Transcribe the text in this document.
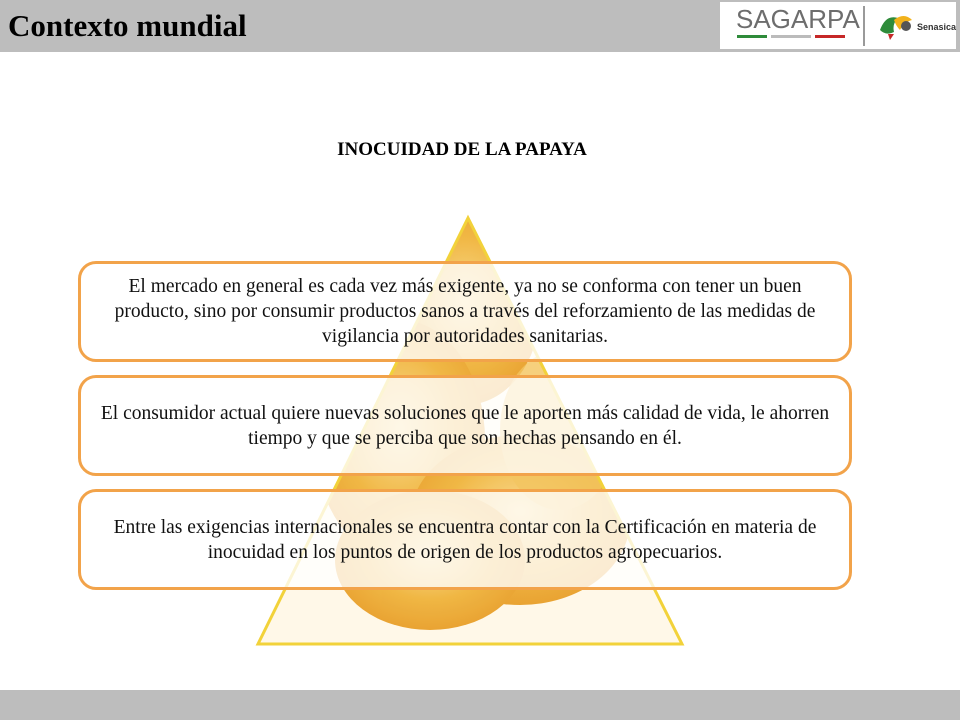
Contexto mundial	SAGARPA	Senasica
INOCUIDAD DE LA PAPAYA
El mercado en general es cada vez más exigente, ya no se conforma con tener un buen producto, sino por consumir productos sanos a través del reforzamiento de las medidas de vigilancia por autoridades sanitarias.
El consumidor actual quiere nuevas soluciones que le aporten más calidad de vida, le ahorren tiempo y que se perciba que son hechas pensando en él.
Entre las exigencias internacionales se encuentra contar con la Certificación en materia de inocuidad en los puntos de origen de los productos agropecuarios.
